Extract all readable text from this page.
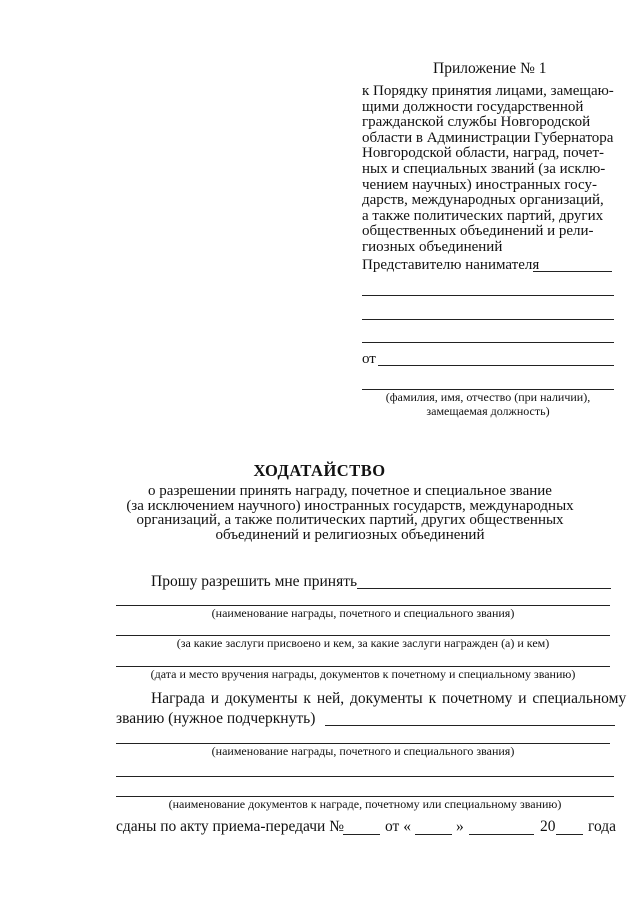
Приложение № 1
к Порядку принятия лицами, замещаю-
щими должности государственной
гражданской службы Новгородской
области в Администрации Губернатора
Новгородской области, наград, почет-
ных и специальных званий (за исклю-
чением научных) иностранных госу-
дарств, международных организаций,
а также политических партий, других
общественных объединений и рели-
гиозных объединений
Представителю нанимателя
от
(фамилия, имя, отчество (при наличии),
замещаемая должность)
ХОДАТАЙСТВО
о разрешении принять награду, почетное и специальное звание
(за исключением научного) иностранных государств, международных
организаций, а также политических партий, других общественных
объединений и религиозных объединений
Прошу разрешить мне принять
(наименование награды, почетного и специального звания)
(за какие заслуги присвоено и кем, за какие заслуги награжден (а) и кем)
(дата и место вручения награды, документов к почетному и специальному званию)
Награда и документы к ней, документы к почетному и специальному
званию (нужное подчеркнуть)
(наименование награды, почетного и специального звания)
(наименование документов к награде, почетному или специальному званию)
сданы по акту приема-передачи №	от «	»	20 года
